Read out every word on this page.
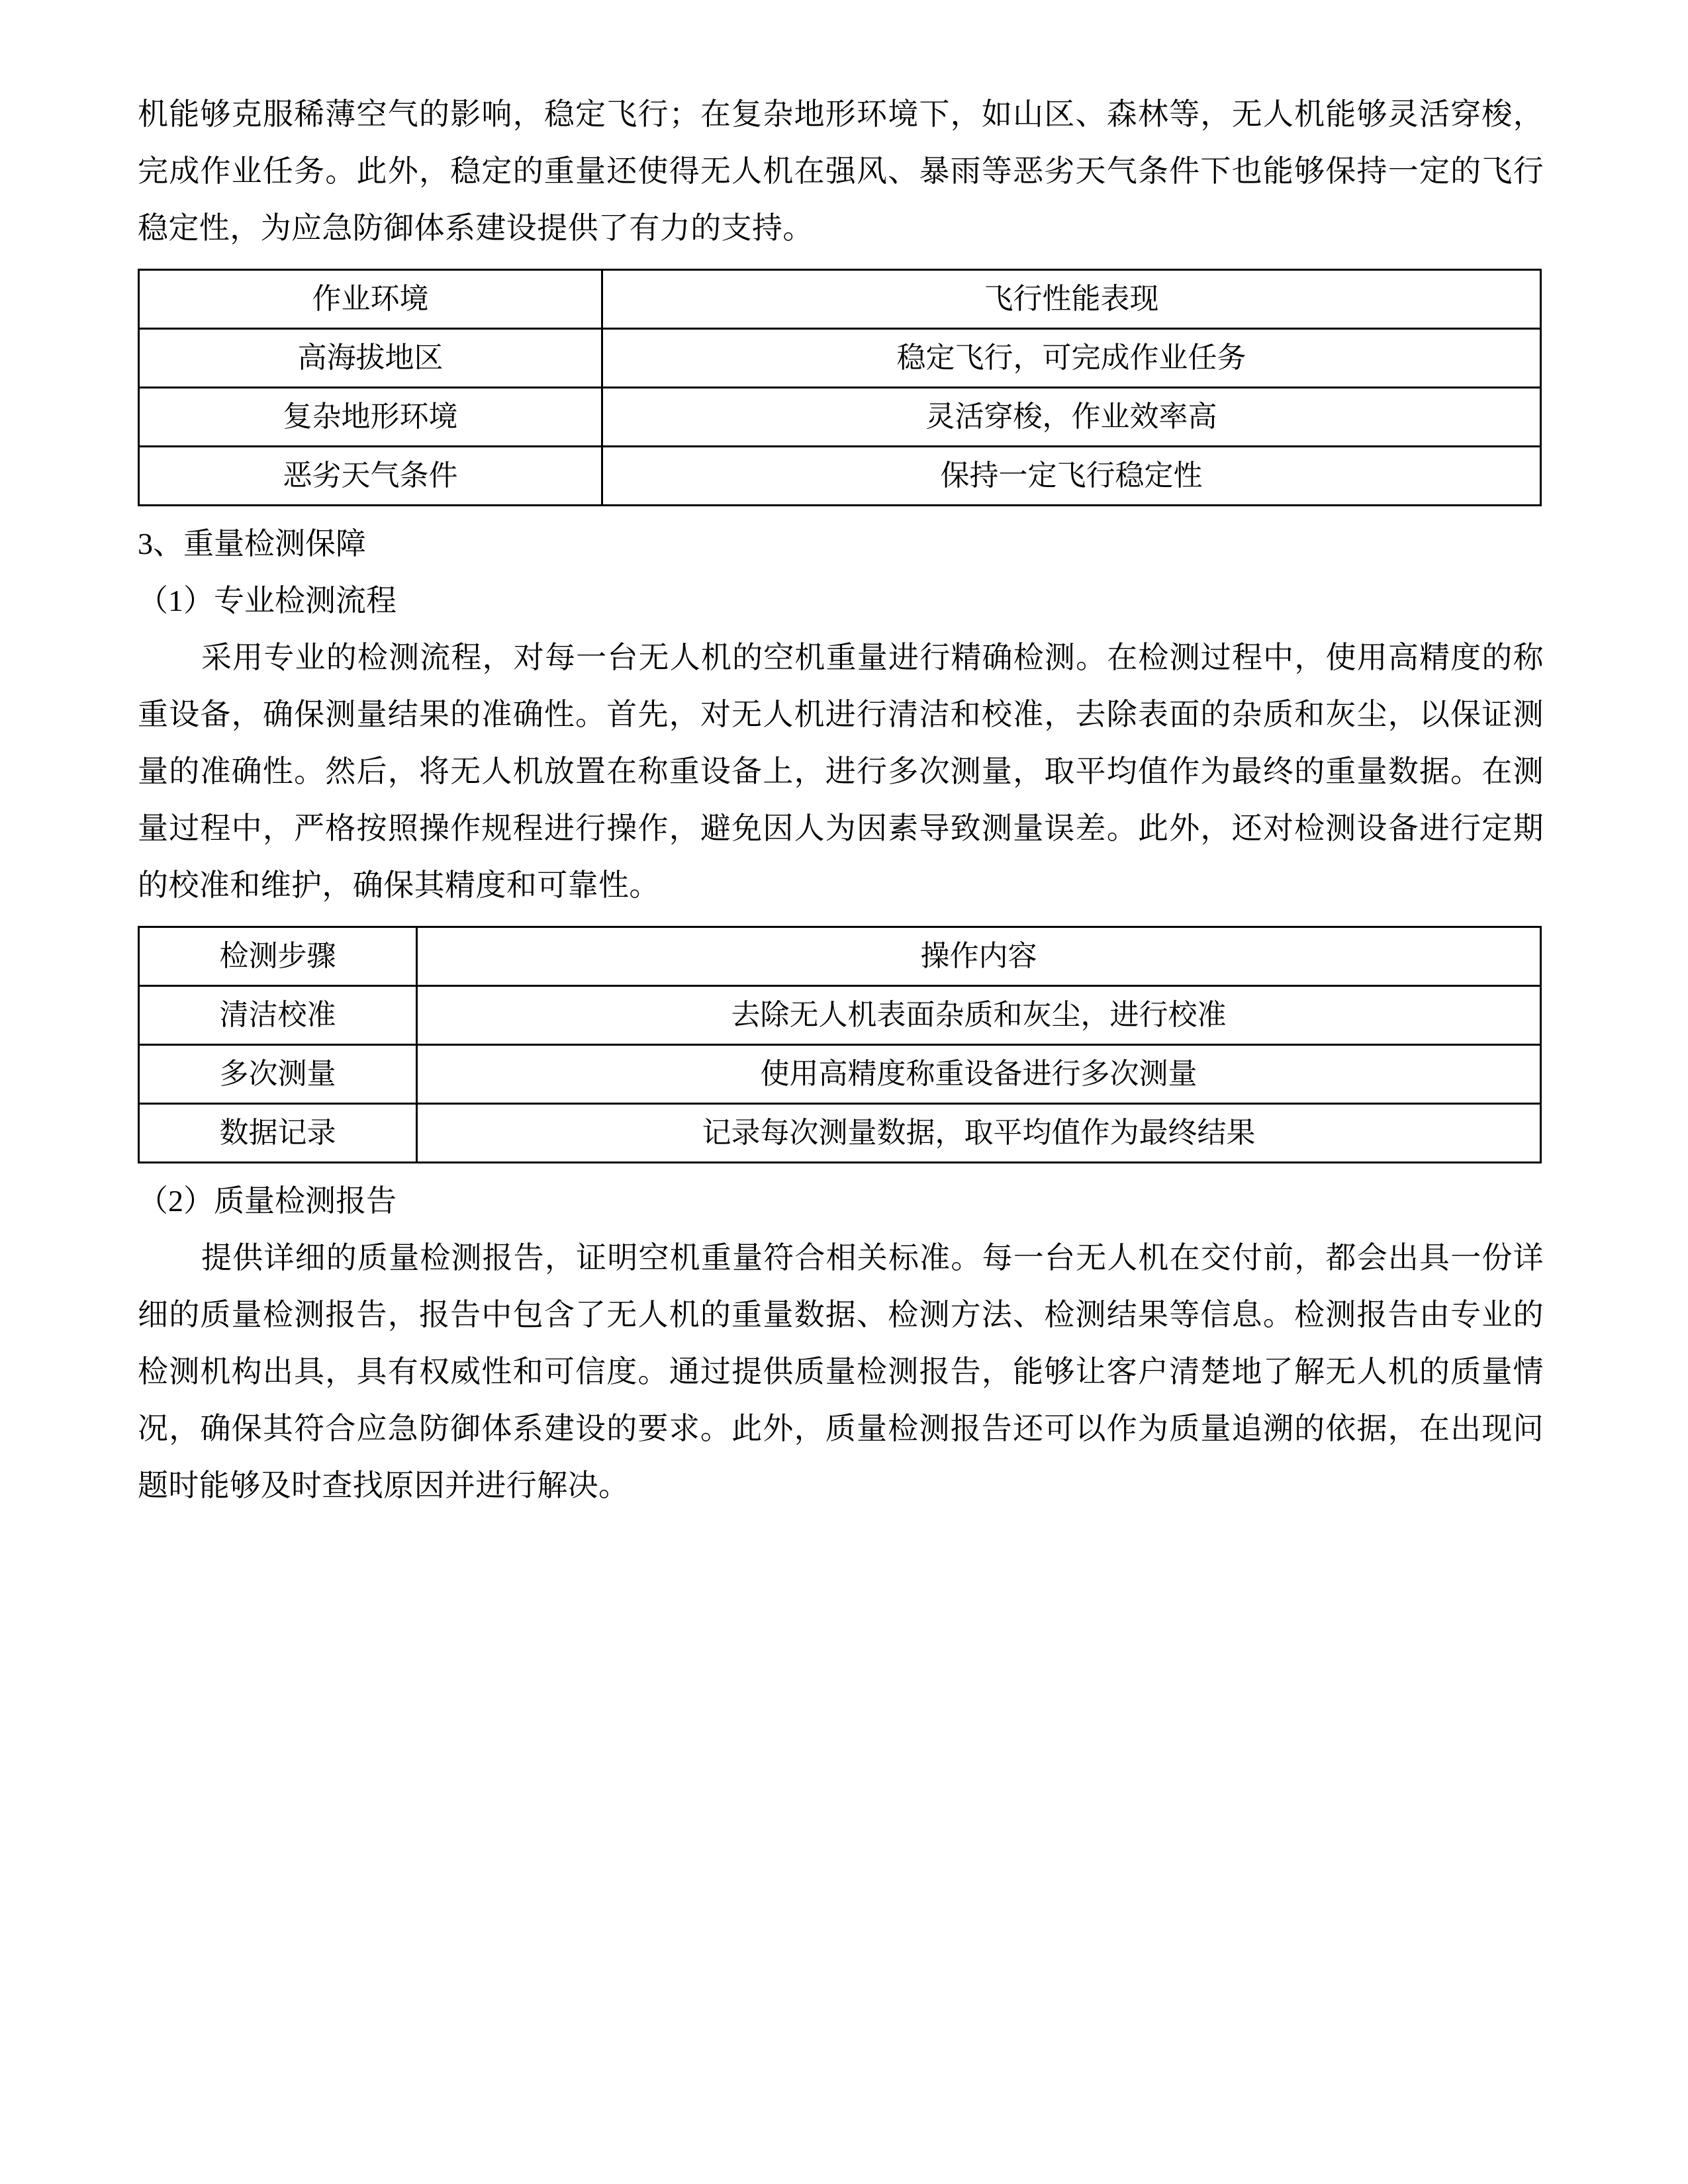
机能够克服稀薄空气的影响，稳定飞行；在复杂地形环境下，如山区、森林等，无人机能够灵活穿梭，完成作业任务。此外，稳定的重量还使得无人机在强风、暴雨等恶劣天气条件下也能够保持一定的飞行稳定性，为应急防御体系建设提供了有力的支持。

作业环境	飞行性能表现
高海拔地区	稳定飞行，可完成作业任务
复杂地形环境	灵活穿梭，作业效率高
恶劣天气条件	保持一定飞行稳定性

3、重量检测保障

（1）专业检测流程

采用专业的检测流程，对每一台无人机的空机重量进行精确检测。在检测过程中，使用高精度的称重设备，确保测量结果的准确性。首先，对无人机进行清洁和校准，去除表面的杂质和灰尘，以保证测量的准确性。然后，将无人机放置在称重设备上，进行多次测量，取平均值作为最终的重量数据。在测量过程中，严格按照操作规程进行操作，避免因人为因素导致测量误差。此外，还对检测设备进行定期的校准和维护，确保其精度和可靠性。

检测步骤	操作内容
清洁校准	去除无人机表面杂质和灰尘，进行校准
多次测量	使用高精度称重设备进行多次测量
数据记录	记录每次测量数据，取平均值作为最终结果

（2）质量检测报告

提供详细的质量检测报告，证明空机重量符合相关标准。每一台无人机在交付前，都会出具一份详细的质量检测报告，报告中包含了无人机的重量数据、检测方法、检测结果等信息。检测报告由专业的检测机构出具，具有权威性和可信度。通过提供质量检测报告，能够让客户清楚地了解无人机的质量情况，确保其符合应急防御体系建设的要求。此外，质量检测报告还可以作为质量追溯的依据，在出现问题时能够及时查找原因并进行解决。
